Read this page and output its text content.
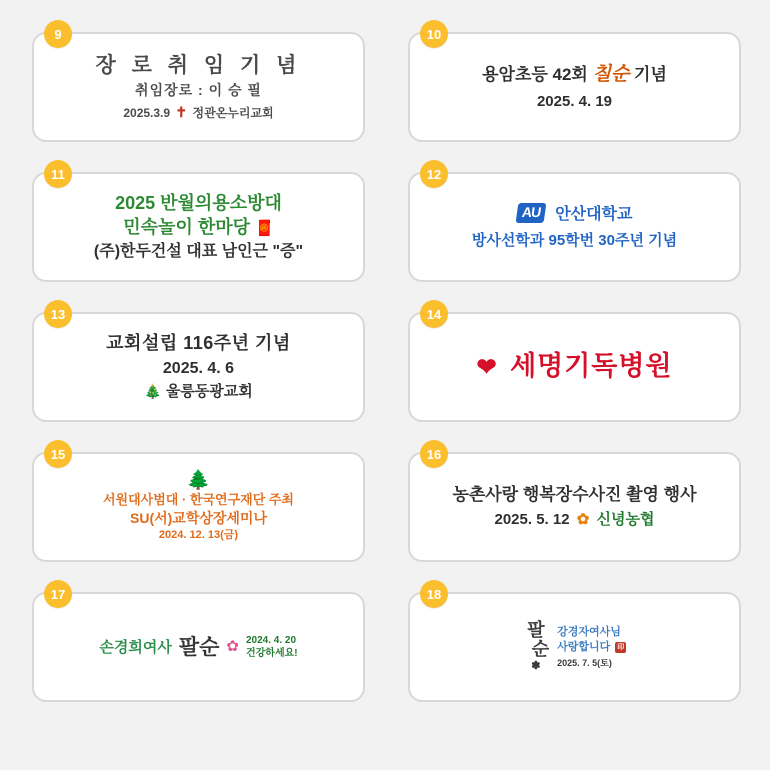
9
장 로 취 임 기 념
취임장로 : 이 승 필
2025.3.9 ✝ 정관온누리교회
10
용암초등 42회 칠순 기념
2025. 4. 19
11
2025 반월의용소방대
민속놀이 한마당 🧧
(주)한두건설 대표 남인근 "증"
12
AU 안산대학교
방사선학과 95학번 30주년 기념
13
교회설립 116주년 기념
2025. 4. 6
🎄 울릉동광교회
14
❤ 세명기독병원
15
🌲
서원대사범대 · 한국연구재단 주최
SU(서)교학상장세미나
2024. 12. 13(금)
16
농촌사랑 행복장수사진 촬영 행사
2025. 5. 12 ✿ 신녕농협
17
손경희여사 팔순 ✿ 2024. 4. 20
건강하세요!
18
팔
순
✽
강경자여사님
사랑합니다 印
2025. 7. 5(토)
